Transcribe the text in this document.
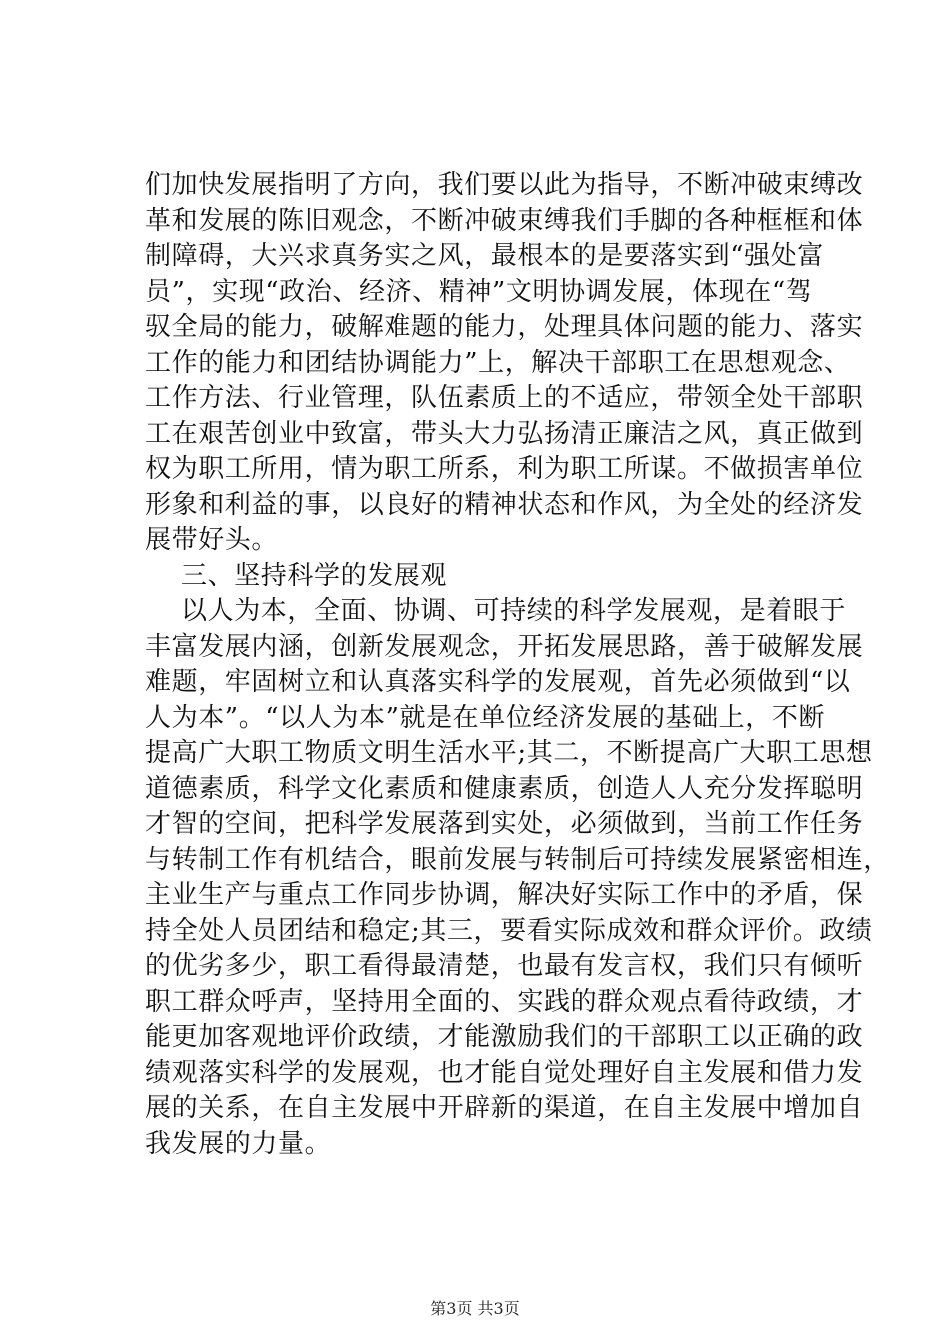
们加快发展指明了方向，我们要以此为指导，不断冲破束缚改
革和发展的陈旧观念，不断冲破束缚我们手脚的各种框框和体
制障碍，大兴求真务实之风，最根本的是要落实到“强处富
员”，实现“政治、经济、精神”文明协调发展，体现在“驾
驭全局的能力，破解难题的能力，处理具体问题的能力、落实
工作的能力和团结协调能力”上，解决干部职工在思想观念、
工作方法、行业管理，队伍素质上的不适应，带领全处干部职
工在艰苦创业中致富，带头大力弘扬清正廉洁之风，真正做到
权为职工所用，情为职工所系，利为职工所谋。不做损害单位
形象和利益的事，以良好的精神状态和作风，为全处的经济发
展带好头。
三、坚持科学的发展观
以人为本，全面、协调、可持续的科学发展观，是着眼于
丰富发展内涵，创新发展观念，开拓发展思路，善于破解发展
难题，牢固树立和认真落实科学的发展观，首先必须做到“以
人为本”。“以人为本”就是在单位经济发展的基础上，不断
提高广大职工物质文明生活水平;其二，不断提高广大职工思想
道德素质，科学文化素质和健康素质，创造人人充分发挥聪明
才智的空间，把科学发展落到实处，必须做到，当前工作任务
与转制工作有机结合，眼前发展与转制后可持续发展紧密相连，
主业生产与重点工作同步协调，解决好实际工作中的矛盾，保
持全处人员团结和稳定;其三，要看实际成效和群众评价。政绩
的优劣多少，职工看得最清楚，也最有发言权，我们只有倾听
职工群众呼声，坚持用全面的、实践的群众观点看待政绩，才
能更加客观地评价政绩，才能激励我们的干部职工以正确的政
绩观落实科学的发展观，也才能自觉处理好自主发展和借力发
展的关系，在自主发展中开辟新的渠道，在自主发展中增加自
我发展的力量。
第3页 共3页
